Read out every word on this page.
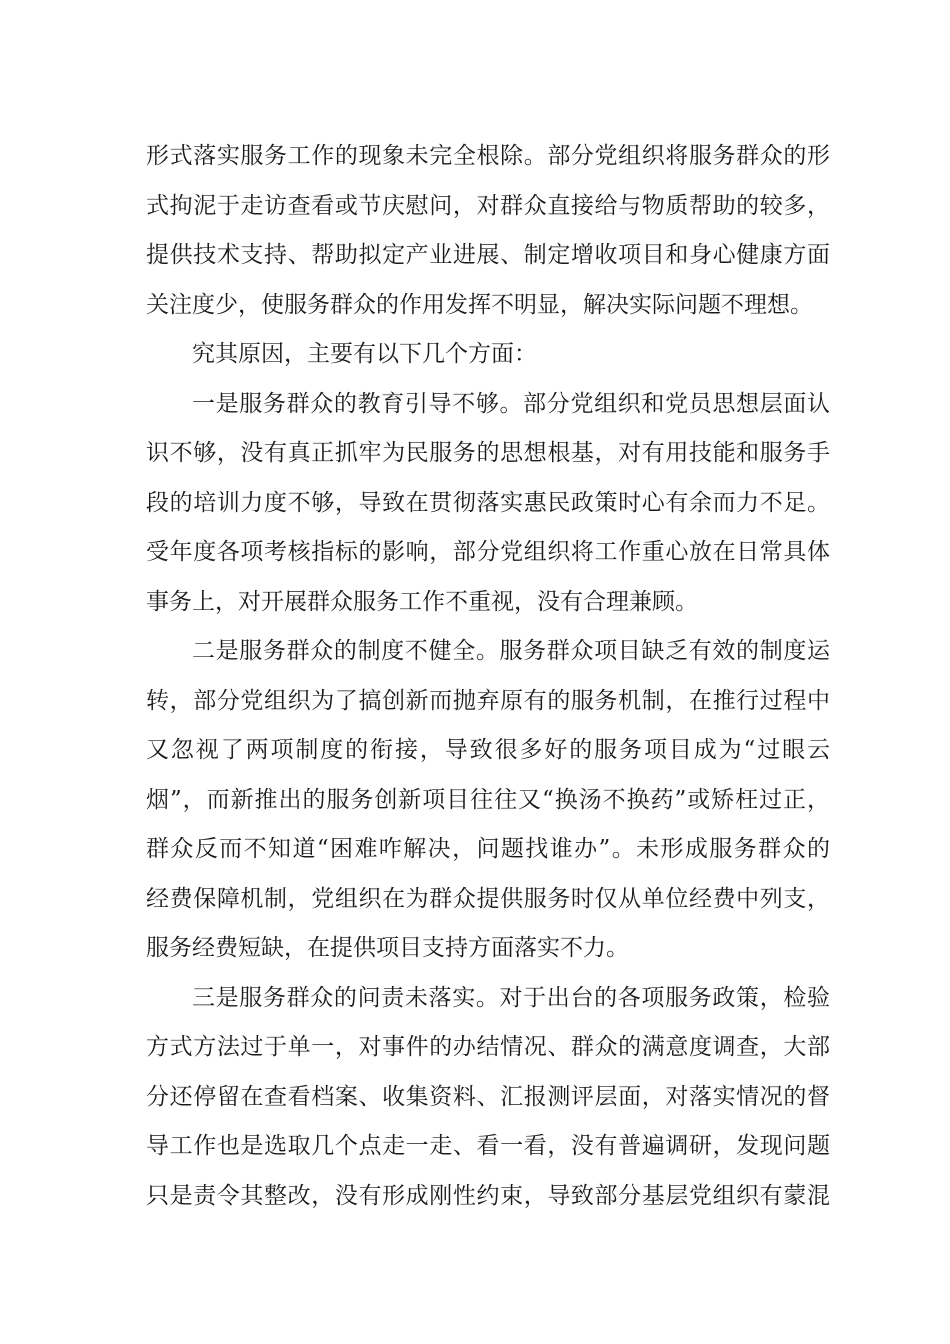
形式落实服务工作的现象未完全根除。部分党组织将服务群众的形
式拘泥于走访查看或节庆慰问，对群众直接给与物质帮助的较多，
提供技术支持、帮助拟定产业进展、制定增收项目和身心健康方面
关注度少，使服务群众的作用发挥不明显，解决实际问题不理想。
究其原因，主要有以下几个方面：
一是服务群众的教育引导不够。部分党组织和党员思想层面认
识不够，没有真正抓牢为民服务的思想根基，对有用技能和服务手
段的培训力度不够，导致在贯彻落实惠民政策时心有余而力不足。
受年度各项考核指标的影响，部分党组织将工作重心放在日常具体
事务上，对开展群众服务工作不重视，没有合理兼顾。
二是服务群众的制度不健全。服务群众项目缺乏有效的制度运
转，部分党组织为了搞创新而抛弃原有的服务机制，在推行过程中
又忽视了两项制度的衔接，导致很多好的服务项目成为“过眼云
烟”，而新推出的服务创新项目往往又“换汤不换药”或矫枉过正，
群众反而不知道“困难咋解决，问题找谁办”。未形成服务群众的
经费保障机制，党组织在为群众提供服务时仅从单位经费中列支，
服务经费短缺，在提供项目支持方面落实不力。
三是服务群众的问责未落实。对于出台的各项服务政策，检验
方式方法过于单一，对事件的办结情况、群众的满意度调查，大部
分还停留在查看档案、收集资料、汇报测评层面，对落实情况的督
导工作也是选取几个点走一走、看一看，没有普遍调研，发现问题
只是责令其整改，没有形成刚性约束，导致部分基层党组织有蒙混
